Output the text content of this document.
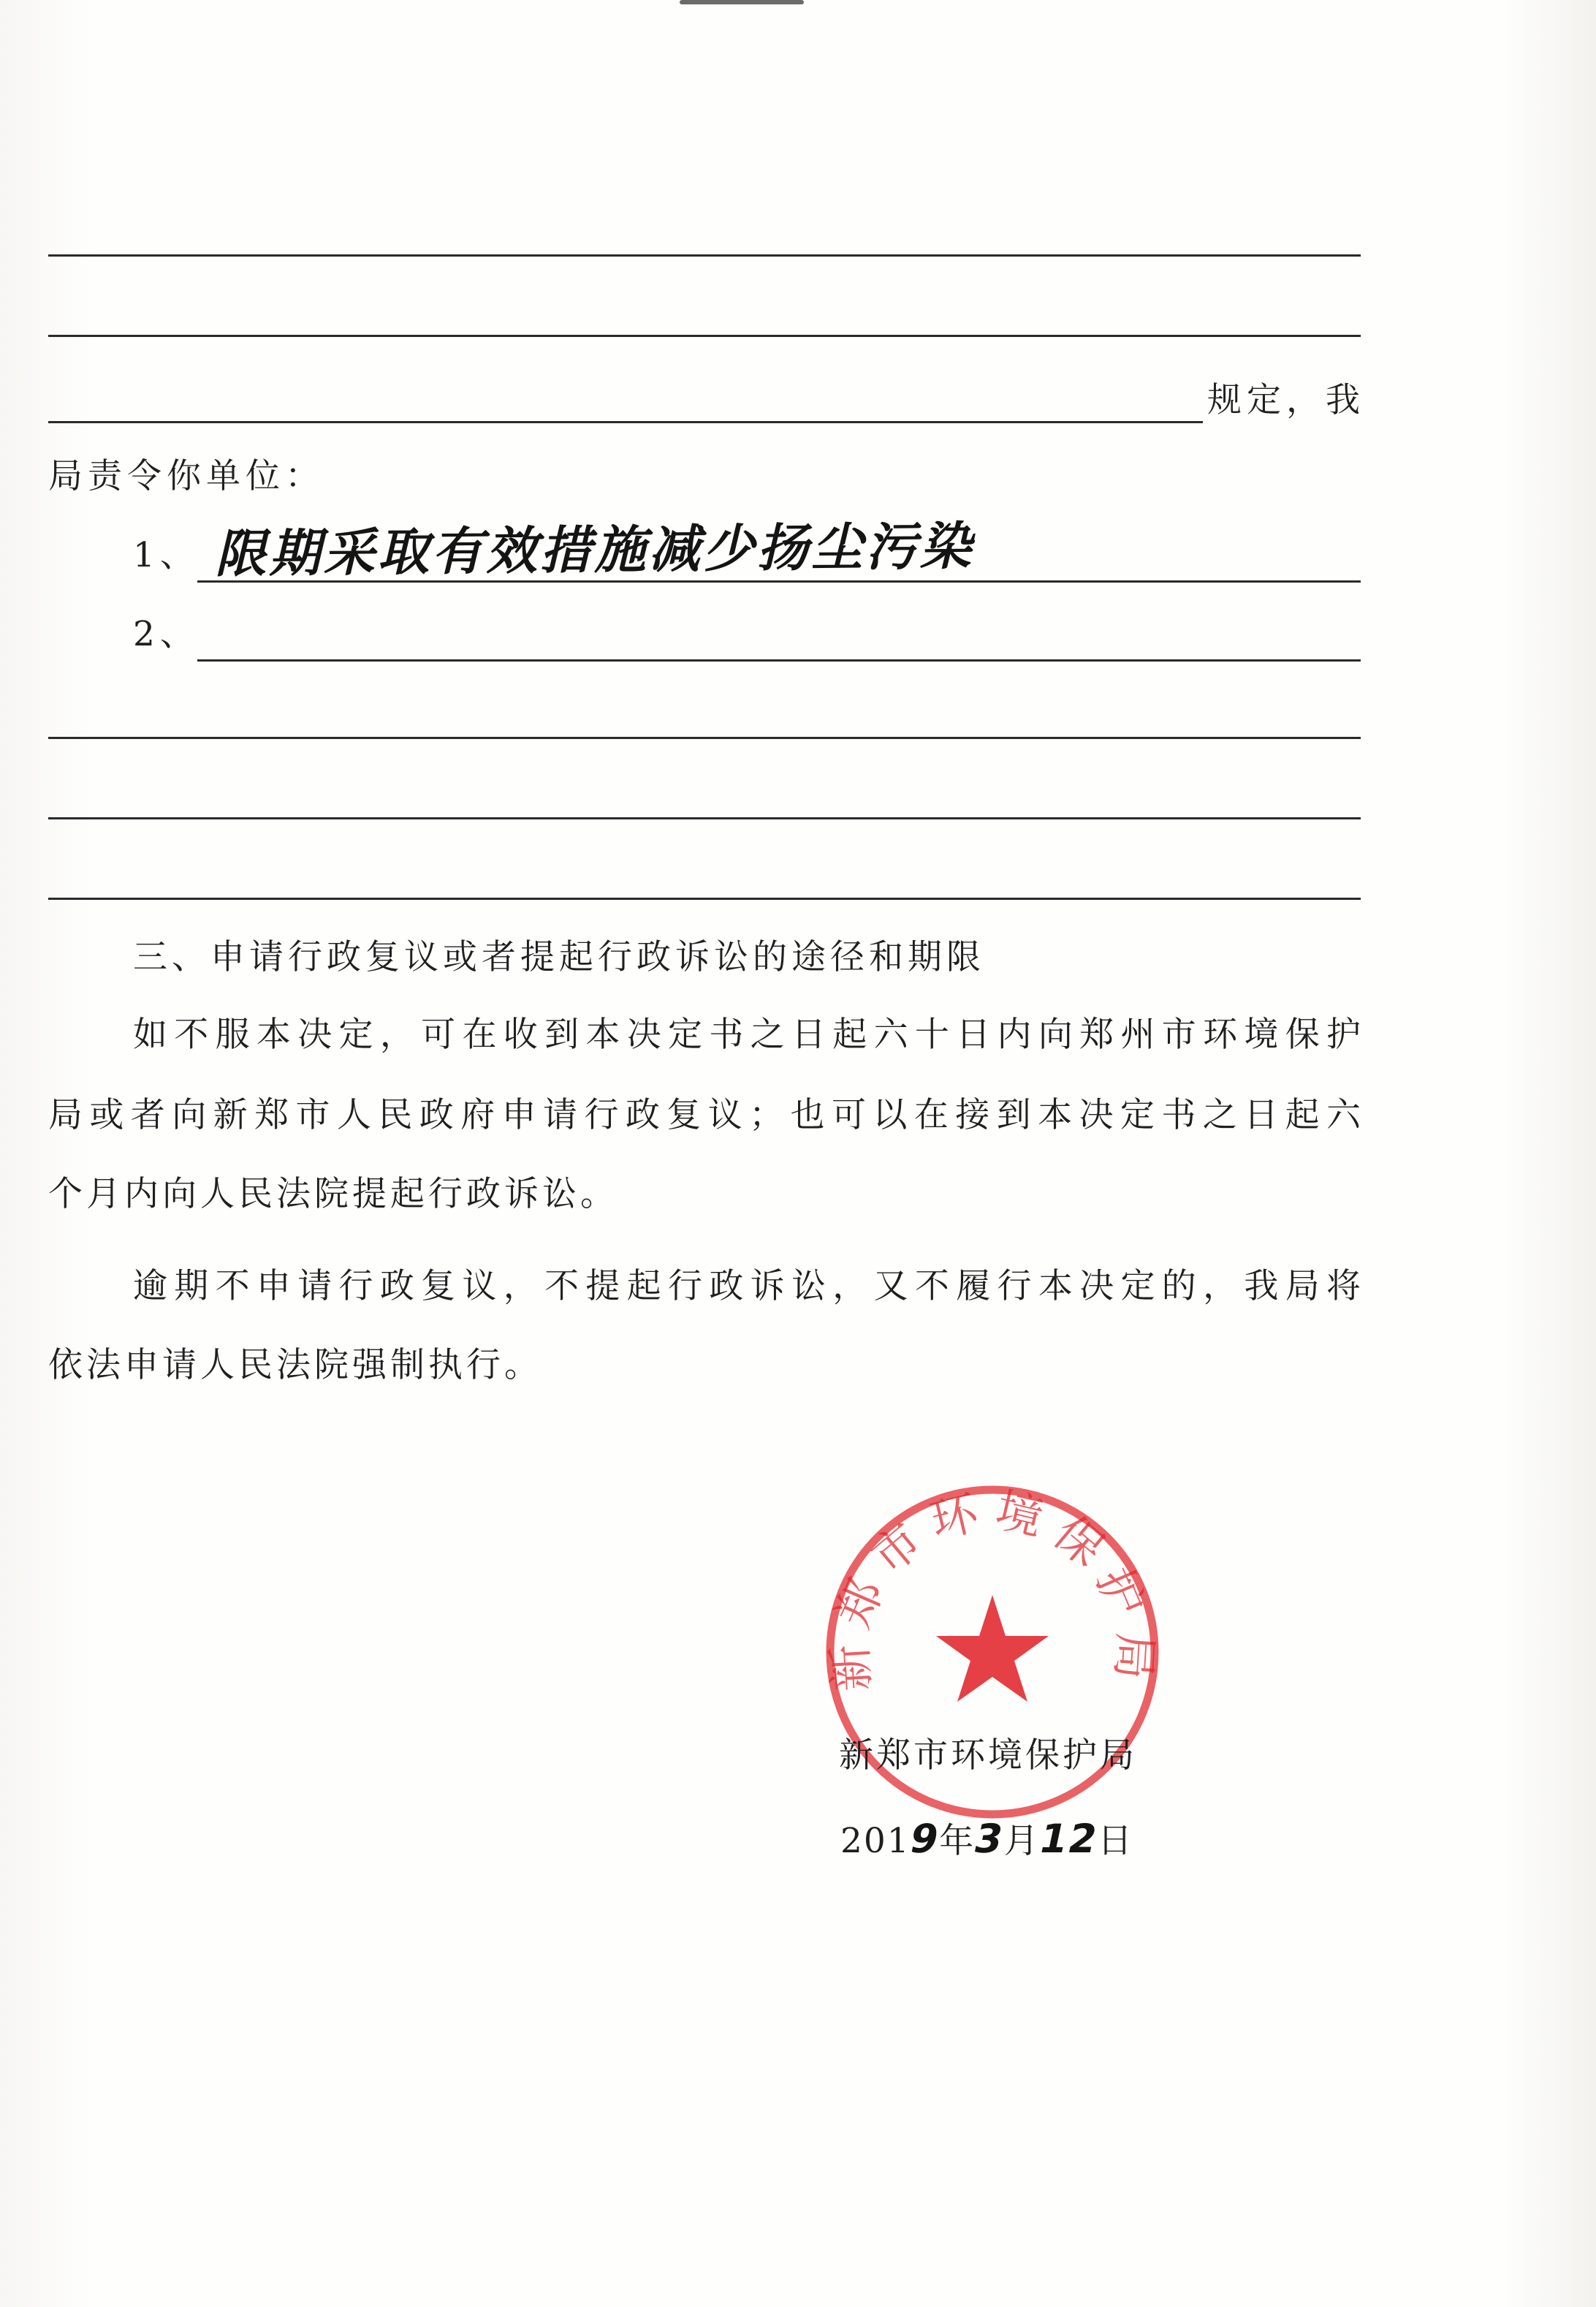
规定，我
局责令你单位：
1、 限期采取有效措施减少扬尘污染
2、
三、申请行政复议或者提起行政诉讼的途径和期限
如不服本决定，可在收到本决定书之日起六十日内向郑州市环境保护
局或者向新郑市人民政府申请行政复议；也可以在接到本决定书之日起六
个月内向人民法院提起行政诉讼。
逾期不申请行政复议，不提起行政诉讼，又不履行本决定的，我局将
依法申请人民法院强制执行。
新郑市环境保护局
新郑市环境保护局
2019年3月12日
